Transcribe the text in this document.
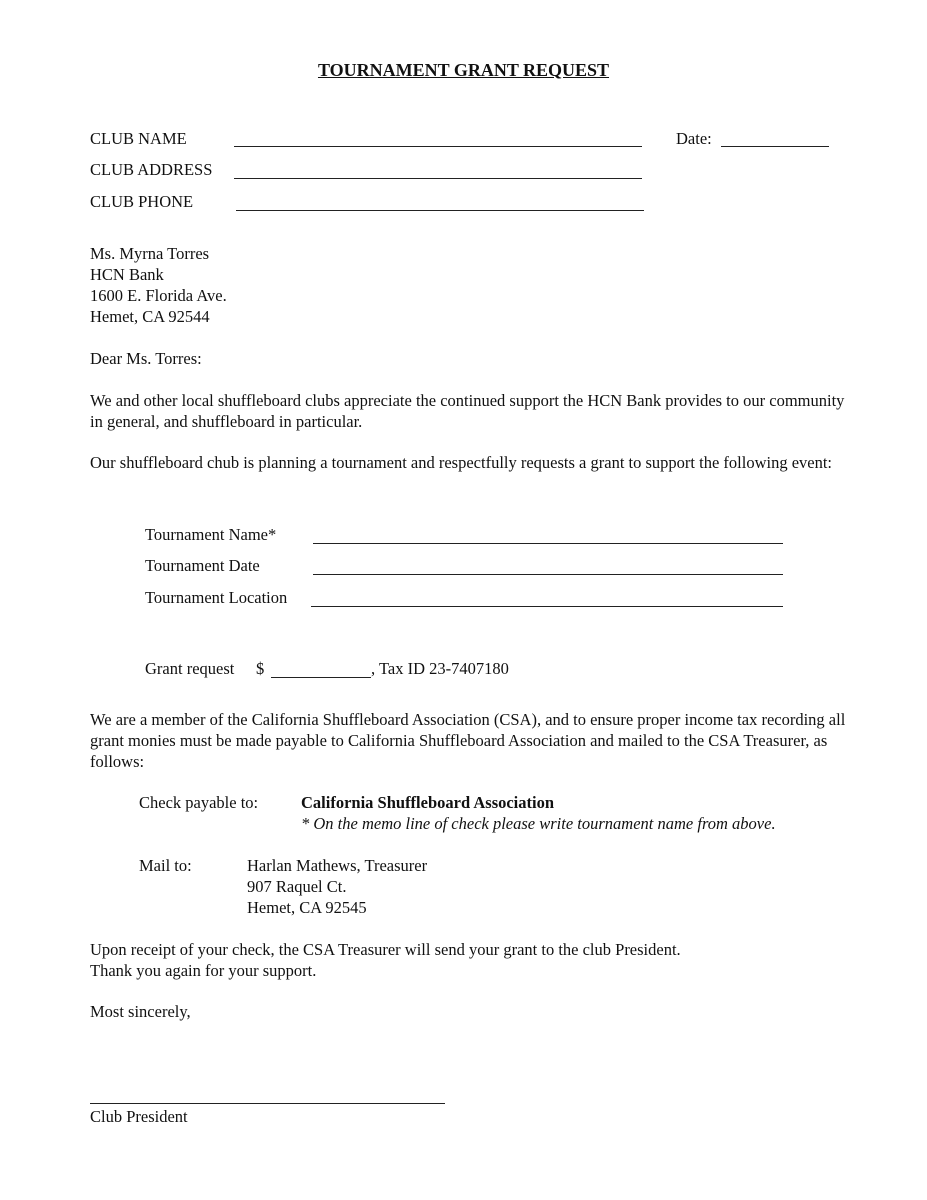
TOURNAMENT GRANT REQUEST
CLUB NAME	Date:
CLUB ADDRESS
CLUB PHONE
Ms. Myrna Torres
HCN Bank
1600 E. Florida Ave.
Hemet, CA 92544
Dear Ms. Torres:
We and other local shuffleboard clubs appreciate the continued support the HCN Bank provides to our community in general, and shuffleboard in particular.
Our shuffleboard chub is planning a tournament and respectfully requests a grant to support the following event:
Tournament Name*
Tournament Date
Tournament Location
Grant request $	, Tax ID 23-7407180
We are a member of the California Shuffleboard Association (CSA), and to ensure proper income tax recording all grant monies must be made payable to California Shuffleboard Association and mailed to the CSA Treasurer, as follows:
Check payable to:	California Shuffleboard Association
* On the memo line of check please write tournament name from above.
Mail to:	Harlan Mathews, Treasurer
907 Raquel Ct.
Hemet, CA 92545
Upon receipt of your check, the CSA Treasurer will send your grant to the club President.
Thank you again for your support.
Most sincerely,
Club President
